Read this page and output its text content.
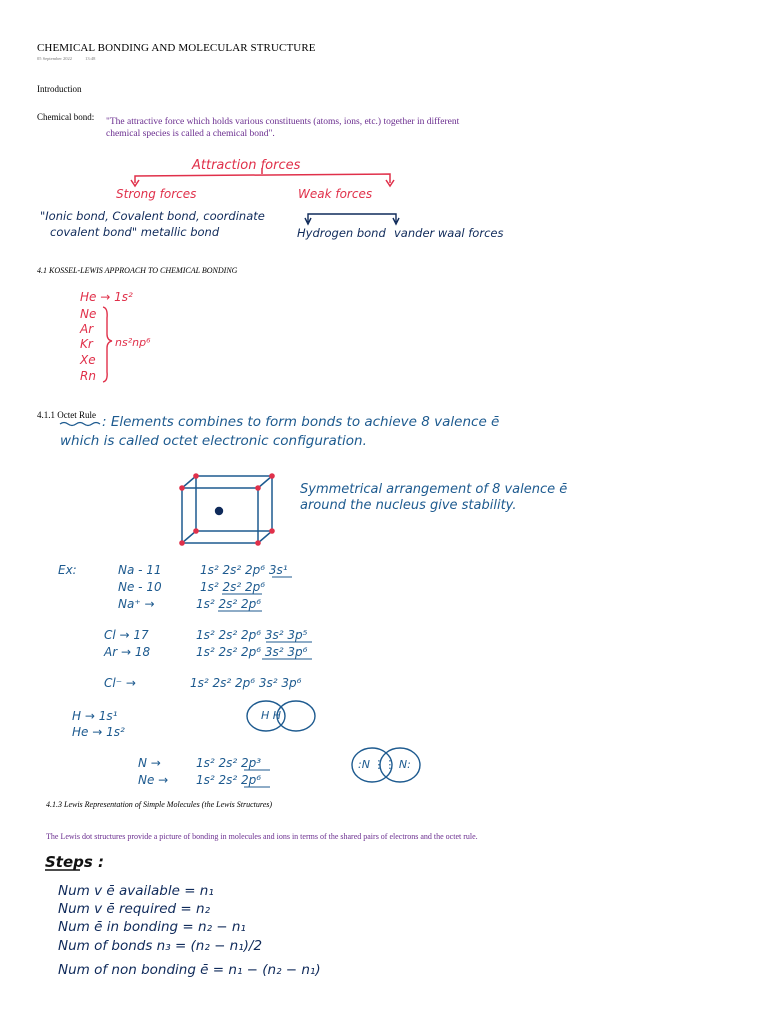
CHEMICAL BONDING AND MOLECULAR STRUCTURE
05 September 2022	13:48
Introduction
Chemical bond: "The attractive force which holds various constituents (atoms, ions, etc.) together in different
chemical species is called a chemical bond".
Attraction forces
Strong forces	Weak forces
"Ionic bond, Covalent bond, coordinate
covalent bond" metallic bond	Hydrogen bond vander waal forces
4.1 KOSSEL-LEWIS APPROACH TO CHEMICAL BONDING
He → 1s²
Ne
Ar
Kr
Xe
Rn
ns²np⁶
4.1.1 Octet Rule : Elements combines to form bonds to achieve 8 valence ē
which is called octet electronic configuration.
Symmetrical arrangement of 8 valence ē
around the nucleus give stability.
Ex:	Na - 11	1s² 2s² 2p⁶ 3s¹
Ne - 10	1s² 2s² 2p⁶
Na⁺ →	1s² 2s² 2p⁶
Cl → 17	1s² 2s² 2p⁶ 3s² 3p⁵
Ar → 18	1s² 2s² 2p⁶ 3s² 3p⁶
Cl⁻ →	1s² 2s² 2p⁶ 3s² 3p⁶
H → 1s¹
He → 1s²
N →	1s² 2s² 2p³
Ne → 1s² 2s² 2p⁶
H H
:N ⋮⋮ N:
4.1.3 Lewis Representation of Simple Molecules (the Lewis Structures)
The Lewis dot structures provide a picture of bonding in molecules and ions in terms of the shared pairs of electrons and the octet rule.
Steps :
Num v ē available = n₁
Num v ē required = n₂
Num ē in bonding = n₂ − n₁
Num of bonds n₃ = (n₂ − n₁)/2
Num of non bonding ē = n₁ − (n₂ − n₁)
